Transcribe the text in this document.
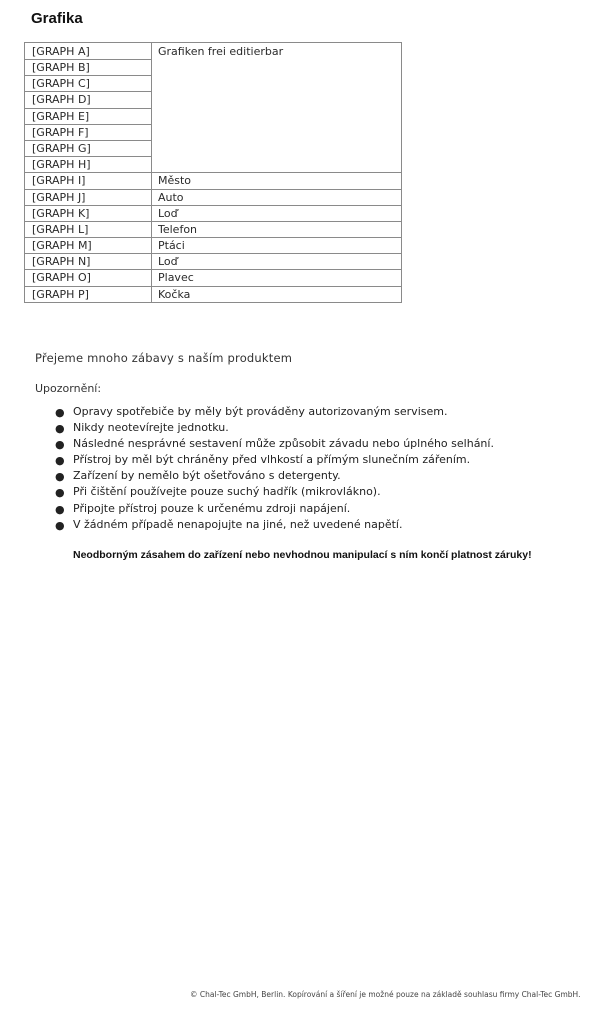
Grafika
[GRAPH A]	Grafiken frei editierbar
[GRAPH B]	
[GRAPH C]	
[GRAPH D]	
[GRAPH E]	
[GRAPH F]	
[GRAPH G]	
[GRAPH H]	
[GRAPH I]	Město
[GRAPH J]	Auto
[GRAPH K]	Loď
[GRAPH L]	Telefon
[GRAPH M]	Ptáci
[GRAPH N]	Loď
[GRAPH O]	Plavec
[GRAPH P]	Kočka
Přejeme mnoho zábavy s naším produktem
Upozornění:
● Opravy spotřebiče by měly být prováděny autorizovaným servisem.
● Nikdy neotevírejte jednotku.
● Následné nesprávné sestavení může způsobit závadu nebo úplného selhání.
● Přístroj by měl být chráněny před vlhkostí a přímým slunečním zářením.
● Zařízení by nemělo být ošetřováno s detergenty.
● Při čištění používejte pouze suchý hadřík (mikrovlákno).
● Připojte přístroj pouze k určenému zdroji napájení.
● V žádném případě nenapojujte na jiné, než uvedené napětí.
Neodborným zásahem do zařízení nebo nevhodnou manipulací s ním končí platnost záruky!
© Chal-Tec GmbH, Berlin. Kopírování a šíření je možné pouze na základě souhlasu firmy Chal-Tec GmbH.
